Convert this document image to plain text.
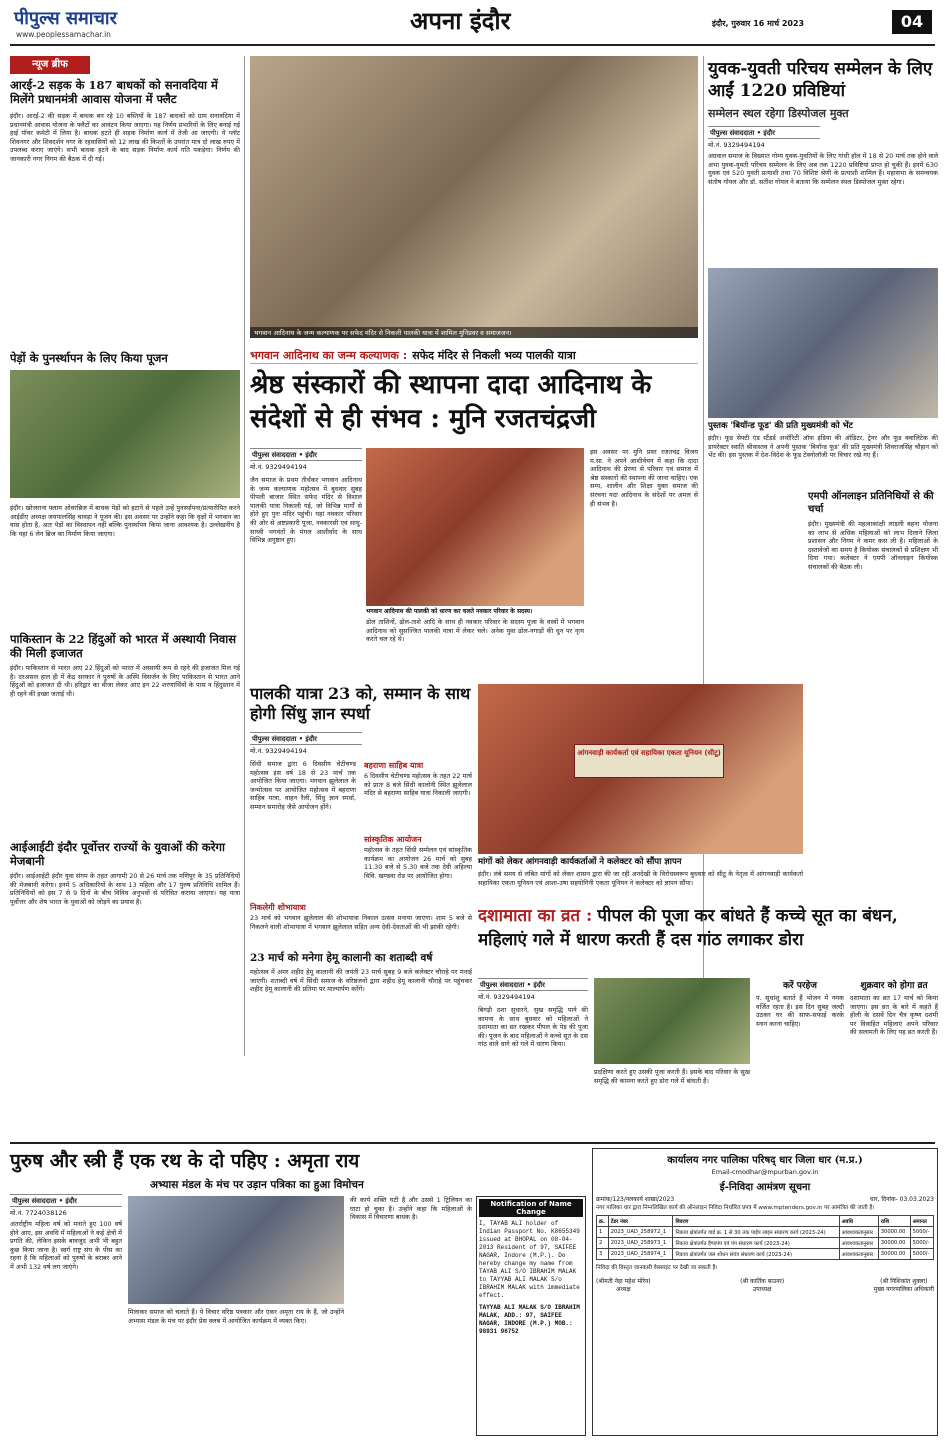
पीपुल्स समाचार
www.peoplessamachar.in	अपना इंदौर	इंदौर, गुरुवार 16 मार्च 2023	04
न्यूज ब्रीफ
आरई-2 सड़क के 187 बाधकों को सनावदिया में मिलेंगे प्रधानमंत्री आवास योजना में फ्लैट
इंदौर। आरई-2 की सड़क में बाधक बन रहे 10 बस्तियों के 187 बाधकों को ग्राम सनावदिया में प्रधानमंत्री आवास योजना के फ्लैटों का आवंटन किया जाएगा। यह निर्णय प्रभारियों के लिए बनाई गई हाई पॉवर कमेटी में लिया है। बाधक हटते ही सड़क निर्माण कार्य में तेजी आ जाएगी। ये प्लॉट शिवनगर और शिवदर्शन नगर के रहवासियों को 12 लाख की किश्तों के उपरांत मात्र दो लाख रुपए में उपलब्ध कराए जाएंगे। सभी बाधक हटने के बाद सड़क निर्माण कार्य गति पकड़ेगा। निर्णय की जानकारी नगर निगम की बैठक में दी गई।
पेड़ों के पुनर्स्थापन के लिए किया पूजन
इंदौर। खोजराना फ्लाय ओवरब्रिज में बाधक पेड़ों को हटाने से पहले उन्हें पुनर्स्थापना/प्रत्यारोपित करने आईडीए अध्यक्ष जयपालसिंह चावड़ा ने पूजन की। इस अवसर पर उन्होंने कहा कि वृक्षों में भगवान का वास होता है, अतः पेड़ों का विस्थापन नहीं बल्कि पुनर्स्थापन किया जाना आवश्यक है। उल्लेखनीय है कि यहां 6 लेन ब्रिज का निर्माण किया जाएगा।
पाकिस्तान के 22 हिंदुओं को भारत में अस्थायी निवास की मिली इजाजत
इंदौर। पाकिस्तान से भारत आए 22 हिंदुओं को भारत में अस्थायी रूप से रहने की इजाजत मिल गई है। दरअसल हाल ही में केंद्र सरकार ने पुरुषों के अस्थि विसर्जन के लिए पाकिस्तान से भारत आने हिंदुओं को इजाजत दी थी। हरिद्वार का वीजा लेकर आए इन 22 शरणार्थियों के पास न हिंदुस्तान में ही रहने की इच्छा जताई थी।
आईआईटी इंदौर पूर्वोत्तर राज्यों के युवाओं की करेगा मेजबानी
इंदौर। आईआईटी इंदौर युवा संगम के तहत आगामी 20 से 26 मार्च तक मणिपुर के 35 प्रतिनिधियों की मेजबानी करेगा। इनमें 5 अधिकारियों के साथ 13 महिला और 17 पुरुष प्रतिनिधि शामिल हैं। प्रतिनिधियों को इस 7 से 9 दिनों के बीच विविध अनुभवों से परिचित कराया जाएगा। यह यात्रा पूर्वोत्तर और शेष भारत के युवाओं को जोड़ने का प्रयास है।
भगवान आदिनाथ के जन्म कल्याणक पर सफेद मंदिर से निकली पालकी यात्रा में शामिल मुनिप्रवर व समाजजन।
भगवान आदिनाथ का जन्म कल्याणक : सफेद मंदिर से निकली भव्य पालकी यात्रा
श्रेष्ठ संस्कारों की स्थापना दादा आदिनाथ के संदेशों से ही संभव : मुनि रजतचंद्रजी
पीपुल्स संवाददाता • इंदौर
मो.नं. 9329494194
जैन समाज के प्रथम तीर्थंकर भगवान आदिनाथ के जन्म कल्याणक महोत्सव में बुधवार सुबह पीपली बाजार स्थित सफेद मंदिर से विशाल पालकी यात्रा निकाली गई, जो विभिन्न मार्गों से होते हुए पुनः मंदिर पहुंची। यहां नवकार परिवार की ओर से अष्टप्रकारी पूजा, नवकारसी एवं साधु-साध्वी भगवंतों के मंगल आशीर्वाद के साथ विभिन्न अनुष्ठान हुए।
भगवान आदिनाथ की पालकी को धारण कर चलते नवकार परिवार के सदस्य।
ढोल ताशिनों, ढोल-ताशे आदि के साथ ही नवकार परिवार के सदस्य पूजा के वस्त्रों में भगवान आदिनाथ को सुसज्जित पालकी यात्रा में लेकर चले। अनेक युवा ढोल-नगाड़ों की धुन पर नृत्य करते चल रहे थे।
इस अवसर पर मुनि प्रवर रजतचंद्र विजय म.सा. ने अपने आशीर्वचन में कहा कि दादा आदिनाथ की प्रेरणा से परिवार एवं समाज में श्रेष्ठ संस्कारों की स्थापना की जाना चाहिए। एक सम्य, शालीन और शिक्षा युक्त समाज की संरचना यदा आदिनाथ के संदेशों पर अमल से ही संभव है।
युवक-युवती परिचय सम्मेलन के लिए आईं 1220 प्रविष्टियां
सम्मेलन स्थल रहेगा डिस्पोजल मुक्त
पीपुल्स संवाददाता • इंदौर
मो.नं. 9329494194
अग्रवाल समाज के विख्यात गोम्य युवक-युवतियों के लिए गांधी हॉल में 18 से 20 मार्च तक होने वाले अभा युवक-युवती परिचय सम्मेलन के लिए अब तक 1220 प्रविष्टियां प्राप्त हो चुकी हैं। इनमें 630 युवक एवं 520 युवती प्रत्याशी तथा 70 विशिष्ट श्रेणी के प्रत्याशी शामिल हैं। महासभा के समन्वयक संतोष गोयल और डॉ. सतीश गोयल ने बताया कि सम्मेलन स्थल डिस्पोजल मुक्त रहेगा।
पुस्तक 'बियॉन्ड फूड' की प्रति मुख्यमंत्री को भेंट
इंदौर। फूड सेफ्टी एंड स्टैंडर्ड अथॉरिटी ऑफ इंडिया की ऑडिटर, ट्रेनर और फूड क्वालिटेक की डायरेक्टर स्वाति श्रीवास्तव ने अपनी पुस्तक 'बियॉन्ड फूड' की प्रति मुख्यमंत्री शिवराजसिंह चौहान को भेंट की। इस पुस्तक में देश-विदेश के फूड टेक्नोलॉजी पर विचार रखे गए हैं।
एमपी ऑनलाइन प्रतिनिधियों से की चर्चा
इंदौर। मुख्यमंत्री की महत्वाकांक्षी लाड़ली बहना योजना का लाभ से अधिक महिलाओं को लाभ दिलाने जिला प्रशासन और निगम ने कमर कस ली है। महिलाओं के दस्तावेजों का समय है कियोस्क संचालकों से प्रशिक्षण भी दिया गया। कलेक्टर ने एमपी ऑनलाइन कियोस्क संचालकों की बैठक ली।
पालकी यात्रा 23 को, सम्मान के साथ होगी सिंधु ज्ञान स्पर्धा
पीपुल्स संवाददाता • इंदौर
मो.नं. 9329494194
सिंधी समाज द्वारा 6 दिवसीय चेटीचण्ड महोत्सव इस वर्ष 18 से 23 मार्च तक आयोजित किया जाएगा। भगवान झूलेलाल के जन्मोत्सव पर आयोजित महोत्सव में बहराणा साहिब यात्रा, वाहन रैली, सिंधु ज्ञान स्पर्धा, सम्मान समारोह जैसे आयोजन होंगे।
बहराणा साहिब यात्रा
6 दिवसीय चेटीचण्ड महोत्सव के तहत 22 मार्च को प्रातः 8 बजे सिंधी कालोनी स्थित झूलेलाल मंदिर से बहराणा साहिब यात्रा निकाली जाएगी।
सांस्कृतिक आयोजन
महोत्सव के तहत सिंधी सम्मेलन एवं सांस्कृतिक कार्यक्रम का आयोजन 26 मार्च को सुबह 11.30 बजे से 5.30 बजे तक देवी अहिल्या विवि. खण्डवा रोड पर आयोजित होगा।
निकलेगी शोभायात्रा
23 मार्च को भगवान झूलेलाल की शोभायात्रा निकाल उत्सव मनाया जाएगा। शाम 5 बजे से निकलने वाली शोभायात्रा में भगवान झूलेलाल सहित अन्य देवी-देवताओं की भी झांकी रहेगी।
23 मार्च को मनेगा हेमू कालानी का शताब्दी वर्ष
महोत्सव में अमर शहीद हेमू कालानी की जयंती 23 मार्च सुबह 9 बजे कलेक्टर चौराहे पर मनाई जाएगी। शताब्दी वर्ष में सिंधी समाज के वरिष्ठजनों द्वारा शहीद हेमू कालानी चौराहे पर पहुंचकर शहीद हेमू कालानी की प्रतिमा पर माल्यार्पण करेंगे।
आंगनवाड़ी कार्यकर्ता एवं सहायिका एकता यूनियन (सीटू)
मांगों को लेकर आंगनवाड़ी कार्यकर्ताओं ने कलेक्टर को सौंपा ज्ञापन
इंदौर। लंबे समय से लंबित मांगों को लेकर शासन द्वारा की जा रही अनदेखी के विरोधस्वरूप बुधवार को सीटू के नेतृत्व में आंगनवाड़ी कार्यकर्ता सहायिका एकता यूनियन एवं आशा-उषा सहयोगिनी एकता यूनियन ने कलेक्टर को ज्ञापन सौंपा।
दशामाता का व्रत : पीपल की पूजा कर बांधते हैं कच्चे सूत का बंधन, महिलाएं गले में धारण करती हैं दस गांठ लगाकर डोरा
पीपुल्स संवाददाता • इंदौर
मो.नं. 9329494194
बिगड़ी दशा सुधारने, सुख समृद्धि पाने की कामना के साथ बुधवार को महिलाओं ने दशामाता का व्रत रखकर पीपल के पेड़ की पूजा की। पूजन के बाद महिलाओं ने कच्चे सूत के दस गांठ वाले धागे को गले में धारण किया।
प्रदक्षिणा करते हुए उसकी पूजा करती हैं। इसके बाद परिवार के सुख समृद्धि की कामना करते हुए डोरा गले में बांधती हैं।
करें परहेज
पं. सुधांशु बताते हैं भोजन में नमक वर्जित रहता है। इस दिन सुबह जल्दी उठकर घर की साफ-सफाई करके स्नान करना चाहिए।
शुक्रवार को होगा व्रत
दशामाता का व्रत 17 मार्च को किया जाएगा। इस व्रत के बारे में कहते हैं होली के दसवें दिन चैत्र कृष्ण दशमी पर विवाहित महिलाएं अपने परिवार की सलामती के लिए यह व्रत करती हैं।
पुरुष और स्त्री हैं एक रथ के दो पहिए : अमृता राय
अभ्यास मंडल के मंच पर उड़ान पत्रिका का हुआ विमोचन
पीपुल्स संवाददाता • इंदौर
मो.नं. 7724038126
अंतर्राष्ट्रीय महिला वर्ष को मनाते हुए 100 वर्ष होने आए, इस अवधि में महिलाओं ने कई क्षेत्रों में प्रगति की, लेकिन इसके बावजूद अभी भी बहुत कुछ किया जाना है। स्वर्ग राष्ट्र संघ के पीस का रहना है कि महिलाओं को पुरुषों के बराबर आने में अभी 132 वर्ष लग जाएंगे।
मिलाकर समाज को चलाते हैं। ये विचार वरिष्ठ पत्रकार और एंकर अमृता राय के हैं, जो उन्होंने अभ्यास मंडल के मंच पर इंदौर प्रेस क्लब में आयोजित कार्यक्रम में व्यक्त किए।
की कार्य शक्ति घटी है और उससे 1 ट्रिलियन का घाटा हो चुका है। उन्होंने कहा कि महिलाओं के विकास में विचारणा बाधक है।
Notification of Name Change
I, TAYAB ALI holder of Indian Passport No. K8655349 issued at BHOPAL on 08-04-2013 Resident of 97, SAIFEE NAGAR, Indore (M.P.). Do hereby change my name from TAYAB ALI S/O IBRAHIM MALAK to TAYYAB ALI MALAK S/o IBRAHIM MALAK with immediate effect.
TAYYAB ALI MALAK S/O IBRAHIM MALAK, ADD.: 97, SAIFEE NAGAR, INDORE (M.P.) MOB.: 98931 96752
कार्यालय नगर पालिका परिषद् धार जिला धार (म.प्र.)
Email-cmodhar@mpurban.gov.in
ई-निविदा आमंत्रण सूचना
क्रमांक/123/नलकार्य शाखा/2023	धार, दिनांक- 03.03.2023
नगर पालिका धार द्वारा निम्नलिखित कार्य की ऑनलाइन निविदा निर्धारित प्रपत्र में www.mptenders.gov.in पर आमंत्रित की जाती है।
क्र.	टेंडर नंबर	विवरण	अवधि	राशि	अमानत
1	2023_UAD_258972_1	निकाय क्षेत्रांतर्गत वार्ड क्र. 1 से 30 तक पाईप लाइन संधारण कार्य (2023-24)	आवश्यकतानुसार	30000.00	5000/-
2	2023_UAD_258973_1	निकाय क्षेत्रांतर्गत हैण्डपंप एवं पंप संधारण कार्य (2023-24)	आवश्यकतानुसार	30000.00	5000/-
3	2023_UAD_258974_1	निकाय क्षेत्रांतर्गत जल शोधन संयंत्र संधारण कार्य (2023-24)	आवश्यकतानुसार	30000.00	5000/-
निविदा की विस्तृत जानकारी वेबसाइट पर देखी जा सकती है।
(श्रीमती नेहा महेश मोरेन)
अध्यक्ष
(श्री कार्तिक बाउनर)
उपाध्यक्ष
(श्री निशिकांत शुक्ला)
मुख्य नगरपालिका अधिकारी
